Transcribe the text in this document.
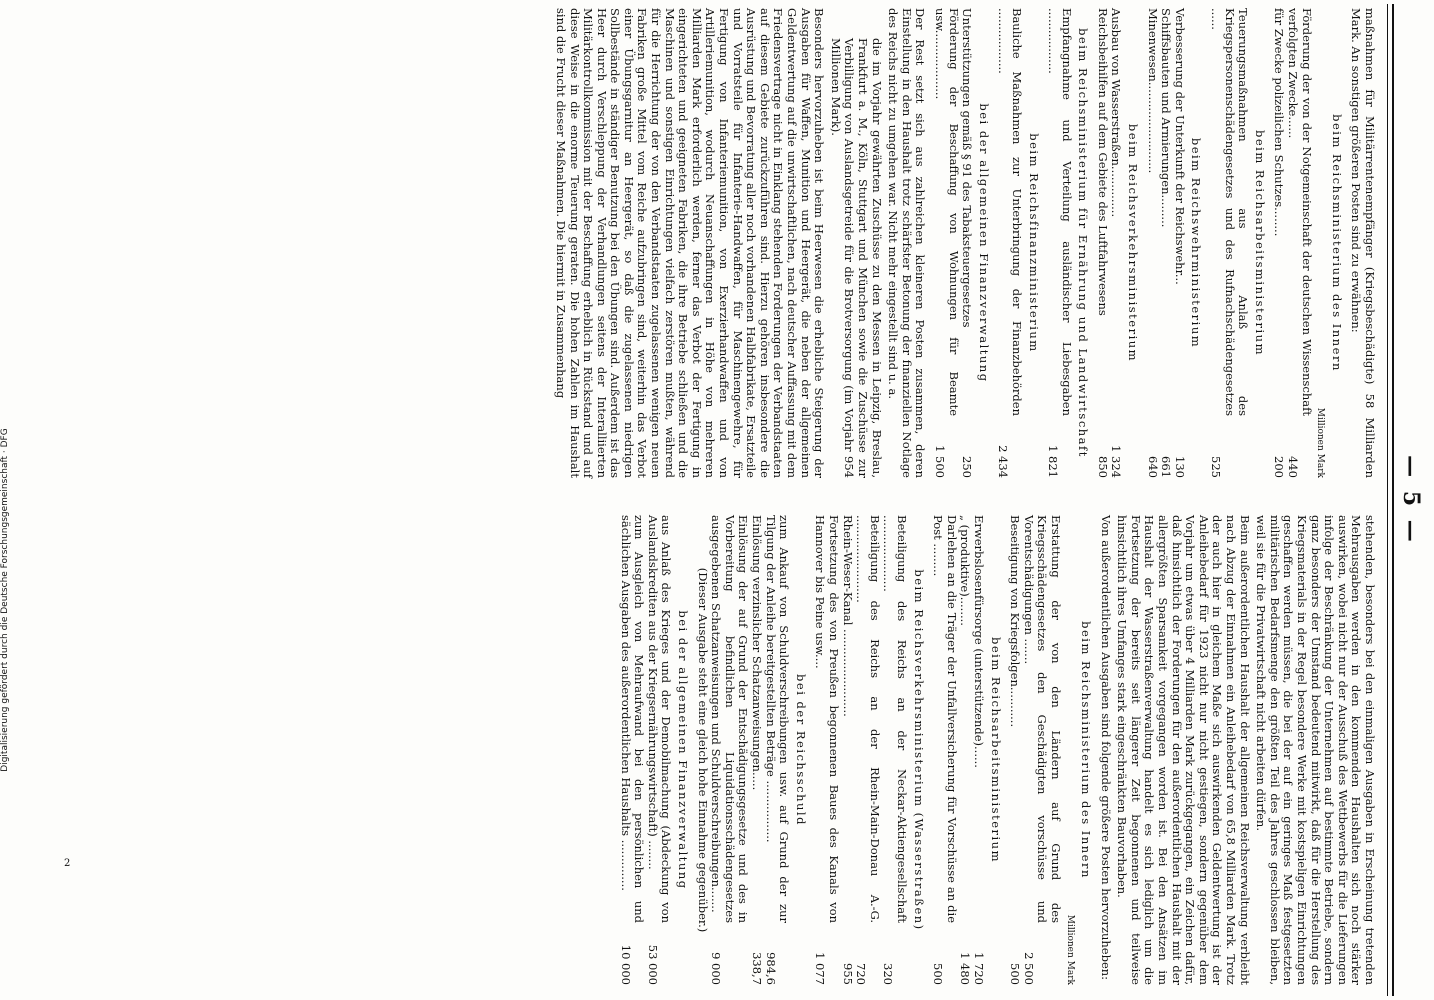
— 5 —

maßnahmen für Militärrentenempfänger (Kriegsbeschädigte) 58 Milliarden Mark. An sonstigen größeren Posten sind zu erwähnen:

beim Reichsministerium des Innern
Millionen Mark
Förderung der von der Notgemeinschaft der deutschen Wissenschaft verfolgten Zwecke......
440
für Zwecke polizeilichen Schutzes........
200
beim Reichsarbeitsministerium
Teuerungsmaßnahmen aus Anlaß des Kriegspersonenschädengesetzes und des Rufnachschädengesetzes ......
525
beim Reichswehrministerium
Verbesserung der Unterkunft der Reichswehr...
130
Schiffsbauten und Armierungen.........
661
Minenwesen.........................
640
beim Reichsverkehrsministerium
Ausbau von Wasserstraßen..............
1 324
Reichsbeihilfen auf dem Gebiete des Luftfahrwesens
850
beim Reichsministerium für Ernährung und Landwirtschaft
Empfangnahme und Verteilung ausländischer Liebesgaben ..................
1 821
beim Reichsfinanzministerium
Bauliche Maßnahmen zur Unterbringung der Finanzbehörden ..................
2 434
bei der allgemeinen Finanzverwaltung
Unterstützungen gemäß § 91 des Tabaksteuergesetzes
250
Förderung der Beschaffung von Wohnungen für Beamte usw...................
1 500

Der Rest setzt sich aus zahlreichen kleineren Posten zusammen, deren Einstellung in den Haushalt trotz schärfster Betonung der finanziellen Notlage des Reichs nicht zu umgehen war. Nicht mehr eingestellt sind u. a.

die im Vorjahr gewährten Zuschüsse zu den Messen in Leipzig, Breslau, Frankfurt a. M., Köln, Stuttgart und München sowie die Zuschüsse zur Verbilligung von Auslandsgetreide für die Brotversorgung (im Vorjahr 954 Millionen Mark).

Besonders hervorzuheben ist beim Heerwesen die erhebliche Steigerung der Ausgaben für Waffen, Munition und Heergerät, die neben der allgemeinen Geldentwertung auf die unwirtschaftlichen, nach deutscher Auffassung mit dem Friedensvertrage nicht in Einklang stehenden Forderungen der Verbandstaaten auf diesem Gebiete zurückzuführen sind. Hierzu gehören insbesondere die Ausrüstung und Bevorratung aller noch vorhandenen Halbfabrikate, Ersatzteile und Vorratsteile für Infanterie-Handwaffen, für Maschinengewehre, für Fertigung von Infanteriemunition, von Exerzierhandwaffen und von Artilleriemunition, wodurch Neuanschaffungen in Höhe von mehreren Milliarden Mark erforderlich werden, ferner das Verbot der Fertigung in eingerichteten und geeigneten Fabriken, die ihre Betriebe schließen und die Maschinen und sonstigen Einrichtungen vielfach zerstören mußten, während für die Herrichtung der von den Verbandstaaten zugelassenen wenigen neuen Fabriken große Mittel vom Reiche aufzubringen sind, weiterhin das Verbot einer Übungsgarnitur an Heergerät, so daß die zugelassenen niedrigen Sollbestände in ständiger Benutzung bei den Übungen sind. Außerdem ist das Heer durch Verschleppung der Verhandlungen seitens der Interalliierten Militärkontrollkommission mit der Beschaffung erheblich in Rückstand und auf diese Weise in die enorme Teuerung geraten. Die hohen Zahlen im Haushalt sind die Frucht dieser Maßnahmen. Die hiermit in Zusammenhang

stehenden, besonders bei den einmaligen Ausgaben in Erscheinung tretenden Mehrausgaben werden in den kommenden Haushalten sich noch stärker auswirken, wobei nicht nur der Ausschuß des Wettbewerbs für die Lieferungen infolge der Beschränkung der Unternehmen auf bestimmte Betriebe, sondern ganz besonders der Umstand bedeutend mitwirkt, daß für die Herstellung des Kriegsmaterials in der Regel besondere Werke mit kostspieligen Einrichtungen geschaffen werden müssen, die bei der auf ein geringes Maß festgesetzten militärischen Bedarfsmenge den größten Teil des Jahres geschlossen bleiben, weil sie für die Privatwirtschaft nicht arbeiten dürfen.

Beim außerordentlichen Haushalt der allgemeinen Reichsverwaltung verbleibt nach Abzug der Einnahmen ein Anleihebedarf von 65,8 Milliarden Mark. Trotz der auch hier in gleichem Maße sich auswirkenden Geldentwertung ist der Anleihebedarf für 1923 nicht nur nicht gestiegen, sondern gegenüber dem Vorjahr um etwas über 4 Milliarden Mark zurückgegangen, ein Zeichen dafür, daß hinsichtlich der Forderungen für den außerordentlichen Haushalt mit der allergrößten Sparsamkeit vorgegangen worden ist. Bei den Ansätzen im Haushalt der Wasserstraßenverwaltung handelt es sich lediglich um die Fortsetzung der bereits seit längerer Zeit begonnenen und teilweise hinsichtlich ihres Umfanges stark eingeschränkten Bauvorhaben.

Von außerordentlichen Ausgaben sind folgende größere Posten hervorzuheben:

beim Reichsministerium des Innern
Millionen Mark
Erstattung der von den Ländern auf Grund des Kriegsschädengesetzes den Geschädigten vorschüsse und Vorentschädigungen .......
2 500
Beseitigung von Kriegsfolgen...........
500
beim Reichsarbeitsministerium
Erwerbslosenfürsorge (unterstützende)......
1 720
„ (produktive)........
1 480
Darlehen an die Träger der Unfallversicherung für Vorschüsse an die Post .........
500
beim Reichsverkehrsministerium (Wasserstraßen)
Beteiligung des Reichs an der Neckar-Aktiengesellschaft .....................
320
Beteiligung des Reichs an der Rhein-Main-Donau A.-G. ........................
720
Rhein-Weser-Kanal ........................
955
Fortsetzung des von Preußen begonnenen Baues des Kanals von Hannover bis Peine usw....
1 077
bei der Reichsschuld
zum Ankauf von Schuldverschreibungen usw. auf Grund der zur Tilgung der Anleihe bereitgestellten Beträge .................
984,6
Einlösung verzinslicher Schatzanweisungen.....
338,7
Einlösung der auf Grund der Entschädigungsgesetze und des in Vorbereitung befindlichen Liquidationsschädengesetzes ausgegebenen Schatzanweisungen und Schuldverschreibungen.......
9 000
(Dieser Ausgabe steht eine gleich hohe Einnahme gegenüber.)
bei der allgemeinen Finanzverwaltung
aus Anlaß des Krieges und der Demobilmachung (Abdeckung von Auslandskrediten aus der Kriegsernährungswirtschaft) ........
53 000
zum Ausgleich von Mehraufwand bei den persönlichen und sächlichen Ausgaben des außerordentlichen Haushalts ..............
10 000
Digitalisierung gefördert durch die Deutsche Forschungsgemeinschaft · DFG
2
